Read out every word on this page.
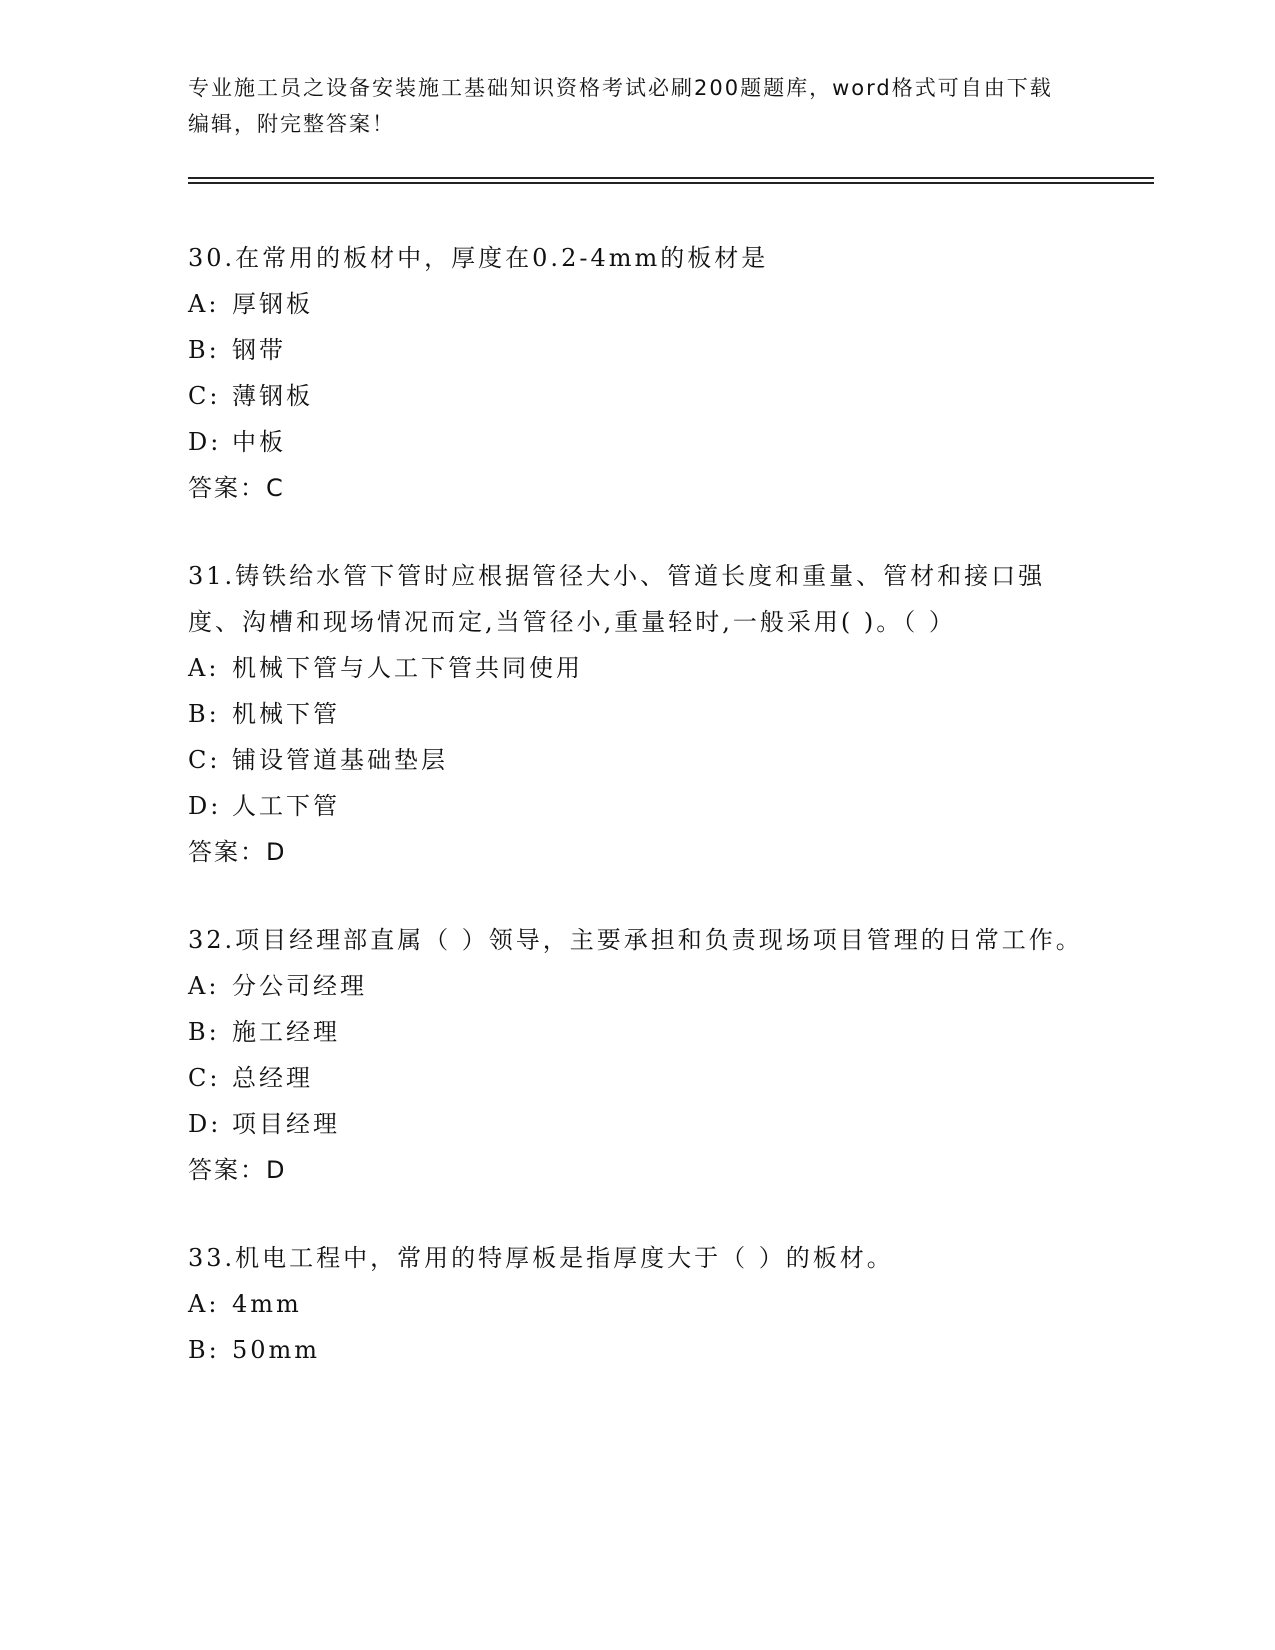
专业施工员之设备安装施工基础知识资格考试必刷200题题库，word格式可自由下载编辑，附完整答案！

30.在常用的板材中，厚度在0.2-4mm的板材是

A: 厚钢板

B: 钢带

C: 薄钢板

D: 中板

答案：C

31.铸铁给水管下管时应根据管径大小、管道长度和重量、管材和接口强度、沟槽和现场情况而定,当管径小,重量轻时,一般采用( )。（ ）

A: 机械下管与人工下管共同使用

B: 机械下管

C: 铺设管道基础垫层

D: 人工下管

答案：D

32.项目经理部直属（ ）领导，主要承担和负责现场项目管理的日常工作。

A: 分公司经理

B: 施工经理

C: 总经理

D: 项目经理

答案：D

33.机电工程中，常用的特厚板是指厚度大于（ ）的板材。

A: 4mm

B: 50mm
